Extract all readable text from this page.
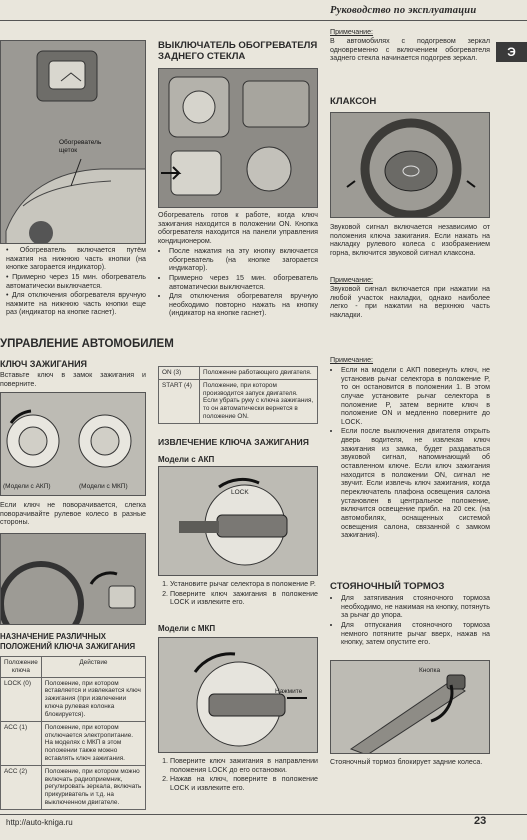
Руководство по эксплуатации
Э
Обогреватель щеток
• Обогреватель включается путём нажатия на нижнюю часть кнопки (на кнопке загорается индикатор).
• Примерно через 15 мин. обогреватель автоматически выключается.
• Для отключения обогревателя вручную нажмите на нижнюю часть кнопки еще раз (индикатор на кнопке гаснет).
УПРАВЛЕНИЕ АВТОМОБИЛЕМ
КЛЮЧ ЗАЖИГАНИЯ
Вставьте ключ в замок зажигания и поверните.
(Модели с АКП)	(Модели с МКП)
Если ключ не поворачивается, слегка поворачивайте рулевое колесо в разные стороны.
НАЗНАЧЕНИЕ РАЗЛИЧНЫХ ПОЛОЖЕНИЙ КЛЮЧА ЗАЖИГАНИЯ
Положение ключа	Действие
LOCK (0)	Положение, при котором вставляется и извлекается ключ зажигания (при извлечении ключа рулевая колонка блокируется).
ACC (1)	Положение, при котором отключается электропитание. На моделях с МКП в этом положении также можно вставлять ключ зажигания.
ACC (2)	Положение, при котором можно включать радиоприемник, регулировать зеркала, включать прикуриватель и т.д. на выключенном двигателе.
ВЫКЛЮЧАТЕЛЬ ОБОГРЕВАТЕЛЯ ЗАДНЕГО СТЕКЛА
Обогреватель готов к работе, когда ключ зажигания находится в положении ON. Кнопка обогревателя находится на панели управления кондиционером.
• После нажатия на эту кнопку включается обогреватель (на кнопке загорается индикатор).
• Примерно через 15 мин. обогреватель автоматически выключается.
• Для отключения обогревателя вручную необходимо повторно нажать на кнопку (индикатор на кнопке гаснет).
ON (3)	Положение работающего двигателя.
START (4)	Положение, при котором производится запуск двигателя. Если убрать руку с ключа зажигания, то он автоматически вернется в положение ON.
ИЗВЛЕЧЕНИЕ КЛЮЧА ЗАЖИГАНИЯ
Модели с АКП
LOCK
1. Установите рычаг селектора в положение P.
2. Поверните ключ зажигания в положение LOCK и извлеките его.
Модели с МКП
Нажмите
1. Поверните ключ зажигания в направлении положения LOCK до его остановки.
2. Нажав на ключ, поверните в положение LOCK и извлеките его.
Примечание:
В автомобилях с подогревом зеркал одновременно с включением обогревателя заднего стекла начинается подогрев зеркал.
КЛАКСОН
Звуковой сигнал включается независимо от положения ключа зажигания. Если нажать на накладку рулевого колеса с изображением горна, включится звуковой сигнал клаксона.
Примечание:
Звуковой сигнал включается при нажатии на любой участок накладки, однако наиболее легко - при нажатии на верхнюю часть накладки.
Примечание:
• Если на модели с АКП повернуть ключ, не установив рычаг селектора в положение P, то он остановится в положении 1. В этом случае установите рычаг селектора в положение P, затем верните ключ в положение ON и медленно поверните до LOCK.
• Если после выключения двигателя открыть дверь водителя, не извлекая ключ зажигания из замка, будет раздаваться звуковой сигнал, напоминающий об оставленном ключе. Если ключ зажигания находится в положении ON, сигнал не звучит. Если извлечь ключ зажигания, когда переключатель плафона освещения салона установлен в центральное положение, включится освещение прибл. на 20 сек. (на автомобилях, оснащенных системой освещения салона, связанной с замком зажигания).
СТОЯНОЧНЫЙ ТОРМОЗ
• Для затягивания стояночного тормоза необходимо, не нажимая на кнопку, потянуть за рычаг до упора.
• Для отпускания стояночного тормоза немного потяните рычаг вверх, нажав на кнопку, затем опустите его.
Кнопка
Стояночный тормоз блокирует задние колеса.
http://auto-kniga.ru	23
